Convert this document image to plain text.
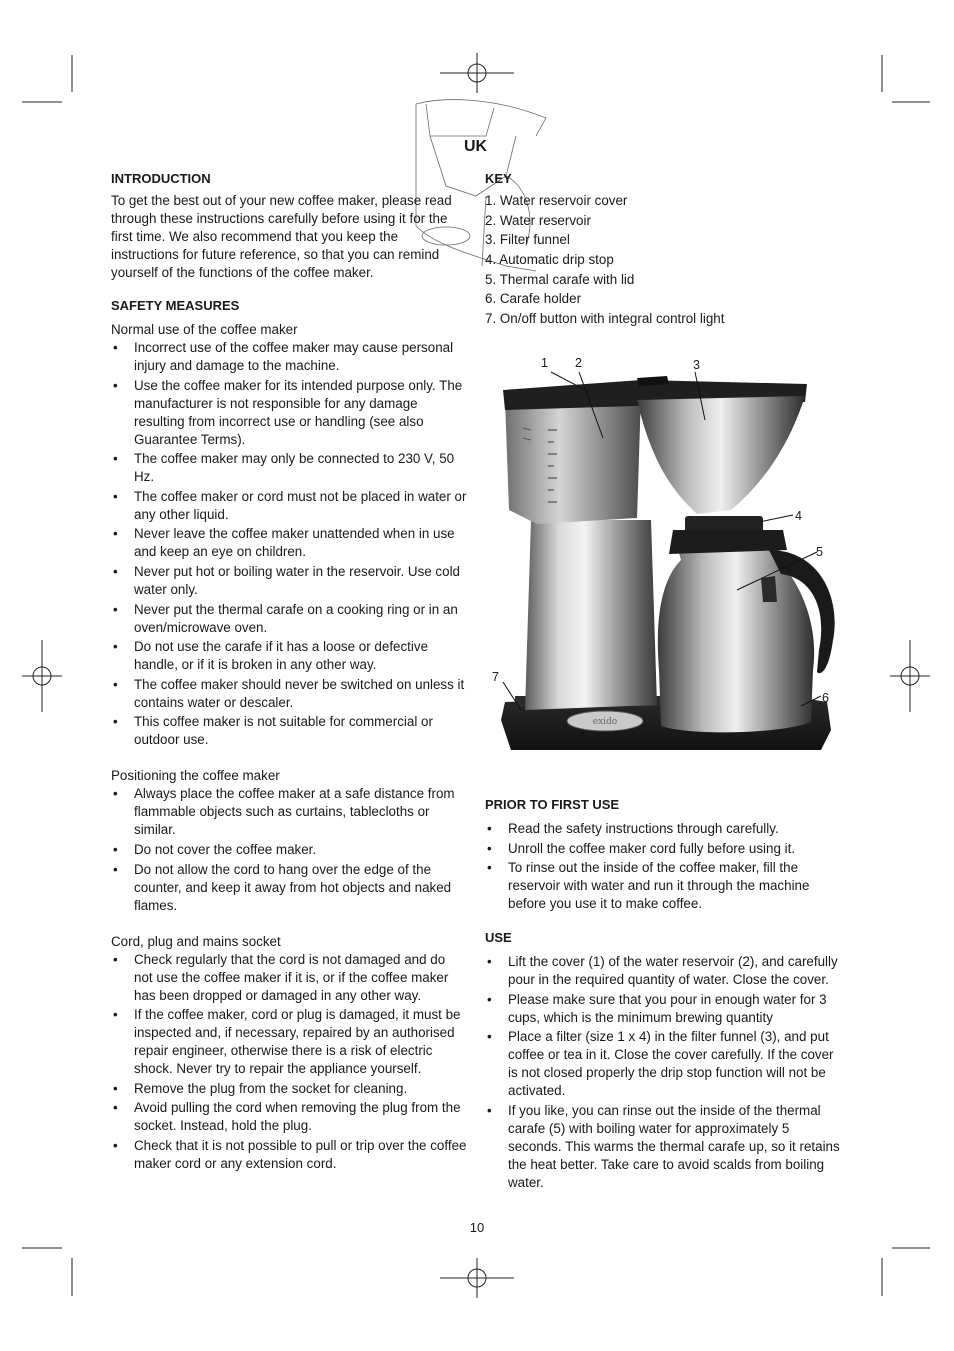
UK
INTRODUCTION

To get the best out of your new coffee maker, please read through these instructions carefully before using it for the first time. We also recommend that you keep the instructions for future reference, so that you can remind yourself of the functions of the coffee maker.

SAFETY MEASURES

Normal use of the coffee maker

• Incorrect use of the coffee maker may cause personal injury and damage to the machine.
• Use the coffee maker for its intended purpose only. The manufacturer is not responsible for any damage resulting from incorrect use or handling (see also Guarantee Terms).
• The coffee maker may only be connected to 230 V, 50 Hz.
• The coffee maker or cord must not be placed in water or any other liquid.
• Never leave the coffee maker unattended when in use and keep an eye on children.
• Never put hot or boiling water in the reservoir. Use cold water only.
• Never put the thermal carafe on a cooking ring or in an oven/microwave oven.
• Do not use the carafe if it has a loose or defective handle, or if it is broken in any other way.
• The coffee maker should never be switched on unless it contains water or descaler.
• This coffee maker is not suitable for commercial or outdoor use.

Positioning the coffee maker

• Always place the coffee maker at a safe distance from flammable objects such as curtains, tablecloths or similar.
• Do not cover the coffee maker.
• Do not allow the cord to hang over the edge of the counter, and keep it away from hot objects and naked flames.

Cord, plug and mains socket

• Check regularly that the cord is not damaged and do not use the coffee maker if it is, or if the coffee maker has been dropped or damaged in any other way.
• If the coffee maker, cord or plug is damaged, it must be inspected and, if necessary, repaired by an authorised repair engineer, otherwise there is a risk of electric shock. Never try to repair the appliance yourself.
• Remove the plug from the socket for cleaning.
• Avoid pulling the cord when removing the plug from the socket. Instead, hold the plug.
• Check that it is not possible to pull or trip over the coffee maker cord or any extension cord.
KEY
1. Water reservoir cover
2. Water reservoir
3. Filter funnel
4. Automatic drip stop
5. Thermal carafe with lid
6. Carafe holder
7. On/off button with integral control light
PRIOR TO FIRST USE
• Read the safety instructions through carefully.
• Unroll the coffee maker cord fully before using it.
• To rinse out the inside of the coffee maker, fill the reservoir with water and run it through the machine before you use it to make coffee.
USE
• Lift the cover (1) of the water reservoir (2), and carefully pour in the required quantity of water. Close the cover.
• Please make sure that you pour in enough water for 3 cups, which is the minimum brewing quantity
• Place a filter (size 1 x 4) in the filter funnel (3), and put coffee or tea in it. Close the cover carefully. If the cover is not closed properly the drip stop function will not be activated.
• If you like, you can rinse out the inside of the thermal carafe (5) with boiling water for approximately 5 seconds. This warms the thermal carafe up, so it retains the heat better. Take care to avoid scalds from boiling water.
exido
1 2	3
4
5
6
7
10
